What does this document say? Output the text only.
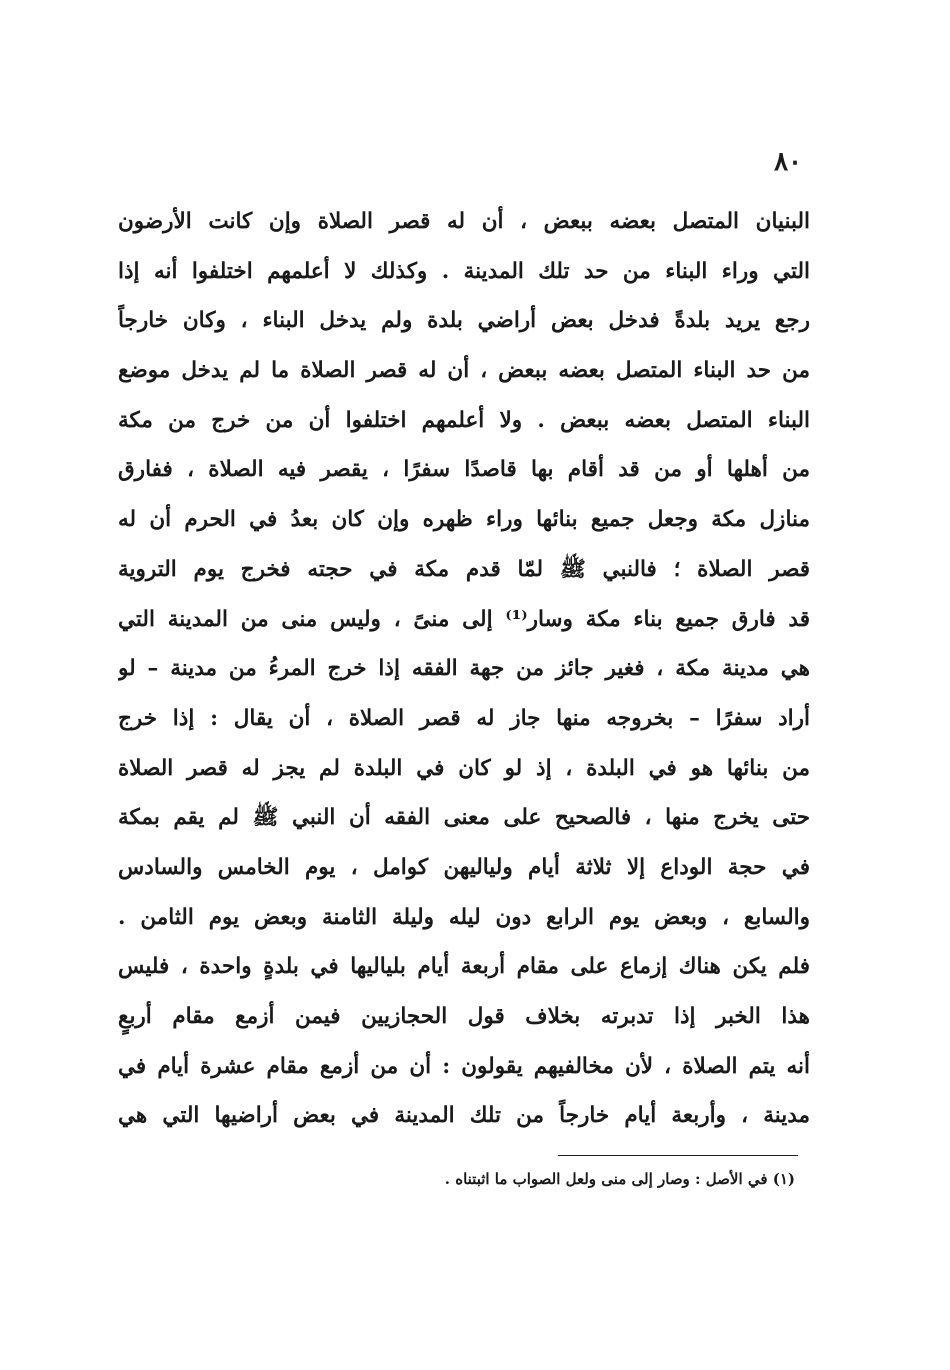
٨٠
البنيان المتصل بعضه ببعض ، أن له قصر الصلاة وإن كانت الأرضون
التي وراء البناء من حد تلك المدينة . وكذلك لا أعلمهم اختلفوا أنه إذا
رجع يريد بلدةً فدخل بعض أراضي بلدة ولم يدخل البناء ، وكان خارجاً
من حد البناء المتصل بعضه ببعض ، أن له قصر الصلاة ما لم يدخل موضع
البناء المتصل بعضه ببعض . ولا أعلمهم اختلفوا أن من خرج من مكة
من أهلها أو من قد أقام بها قاصدًا سفرًا ، يقصر فيه الصلاة ، ففارق
منازل مكة وجعل جميع بنائها وراء ظهره وإن كان بعدُ في الحرم أن له
قصر الصلاة ؛ فالنبي ﷺ لمّا قدم مكة في حجته فخرج يوم التروية
قد فارق جميع بناء مكة وسار⁽¹⁾ إلى منىً ، وليس منى من المدينة التي
هي مدينة مكة ، فغير جائز من جهة الفقه إذا خرج المرءُ من مدينة – لو
أراد سفرًا – بخروجه منها جاز له قصر الصلاة ، أن يقال : إذا خرج
من بنائها هو في البلدة ، إذ لو كان في البلدة لم يجز له قصر الصلاة
حتى يخرج منها ، فالصحيح على معنى الفقه أن النبي ﷺ لم يقم بمكة
في حجة الوداع إلا ثلاثة أيام ولياليهن كوامل ، يوم الخامس والسادس
والسابع ، وبعض يوم الرابع دون ليله وليلة الثامنة وبعض يوم الثامن .
فلم يكن هناك إزماع على مقام أربعة أيام بلياليها في بلدةٍ واحدة ، فليس
هذا الخبر إذا تدبرته بخلاف قول الحجازيين فيمن أزمع مقام أربعٍ
أنه يتم الصلاة ، لأن مخالفيهم يقولون : أن من أزمع مقام عشرة أيام في
مدينة ، وأربعة أيام خارجاً من تلك المدينة في بعض أراضيها التي هي
(١) في الأصل : وصار إلى منى ولعل الصواب ما اثبتناه .
